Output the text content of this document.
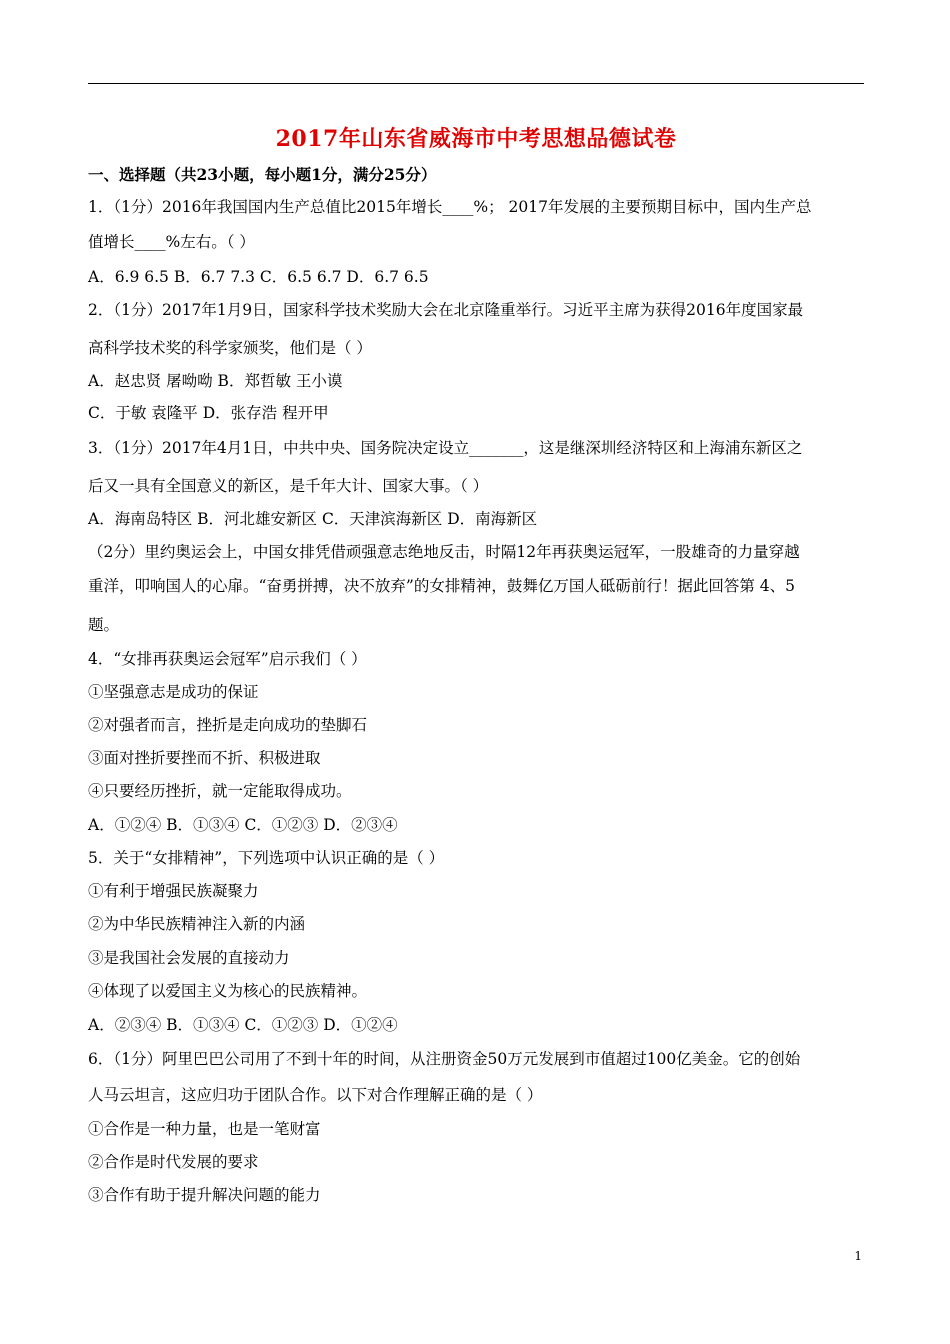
2017年山东省威海市中考思想品德试卷
一、选择题（共23小题，每小题1分，满分25分）
1．（1分）2016年我国国内生产总值比2015年增长____%； 2017年发展的主要预期目标中，国内生产总
值增长____%左右。（ ）
A．6.9 6.5 B．6.7 7.3 C．6.5 6.7 D．6.7 6.5
2．（1分）2017年1月9日，国家科学技术奖励大会在北京隆重举行。习近平主席为获得2016年度国家最
高科学技术奖的科学家颁奖，他们是（ ）
A．赵忠贤 屠呦呦 B．郑哲敏 王小谟
C．于敏 袁隆平 D．张存浩 程开甲
3．（1分）2017年4月1日，中共中央、国务院决定设立_______，这是继深圳经济特区和上海浦东新区之
后又一具有全国意义的新区，是千年大计、国家大事。（ ）
A．海南岛特区 B．河北雄安新区 C．天津滨海新区 D．南海新区
（2分）里约奥运会上，中国女排凭借顽强意志绝地反击，时隔12年再获奥运冠军，一股雄奇的力量穿越
重洋，叩响国人的心扉。“奋勇拼搏，决不放弃”的女排精神，鼓舞亿万国人砥砺前行！据此回答第 4、5
题。
4．“女排再获奥运会冠军”启示我们（ ）
①坚强意志是成功的保证
②对强者而言，挫折是走向成功的垫脚石
③面对挫折要挫而不折、积极进取
④只要经历挫折，就一定能取得成功。
A．①②④ B．①③④ C．①②③ D．②③④
5．关于“女排精神”，下列选项中认识正确的是（ ）
①有利于增强民族凝聚力
②为中华民族精神注入新的内涵
③是我国社会发展的直接动力
④体现了以爱国主义为核心的民族精神。
A．②③④ B．①③④ C．①②③ D．①②④
6．（1分）阿里巴巴公司用了不到十年的时间，从注册资金50万元发展到市值超过100亿美金。它的创始
人马云坦言，这应归功于团队合作。以下对合作理解正确的是（ ）
①合作是一种力量，也是一笔财富
②合作是时代发展的要求
③合作有助于提升解决问题的能力
1
